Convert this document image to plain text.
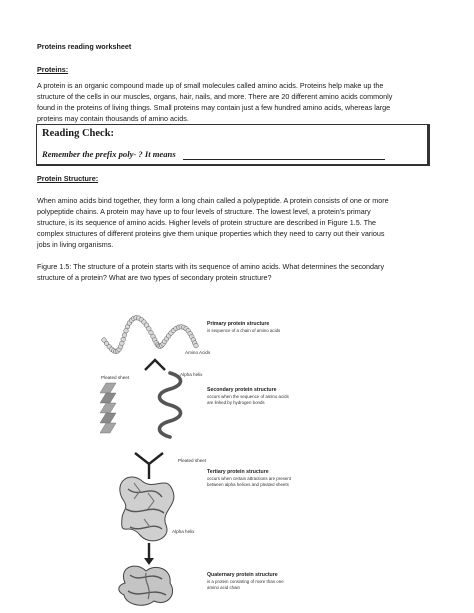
Proteins reading worksheet

Proteins:

A protein is an organic compound made up of small molecules called amino acids. Proteins help make up the

structure of the cells in our muscles, organs, hair, nails, and more. There are 20 different amino acids commonly

found in the proteins of living things. Small proteins may contain just a few hundred amino acids, whereas large

proteins may contain thousands of amino acids.

Reading Check:
Remember the prefix poly- ? It means

Protein Structure:

When amino acids bind together, they form a long chain called a polypeptide. A protein consists of one or more

polypeptide chains. A protein may have up to four levels of structure. The lowest level, a protein’s primary

structure, is its sequence of amino acids. Higher levels of protein structure are described in Figure 1.5. The

complex structures of different proteins give them unique properties which they need to carry out their various

jobs in living organisms.

Figure 1.5: The structure of a protein starts with its sequence of amino acids. What determines the secondary

structure of a protein? What are two types of secondary protein structure?

Amino Acids
Pleated sheet
Alpha helix
Pleated sheet
Alpha helix
Primary protein structure
is sequence of a chain of amino acids
Secondary protein structure
occurs when the sequence of amino acids
are linked by hydrogen bonds
Tertiary protein structure
occurs when certain attractions are present
between alpha helices and pleated sheets
Quaternary protein structure
is a protein consisting of more than one
amino acid chain
